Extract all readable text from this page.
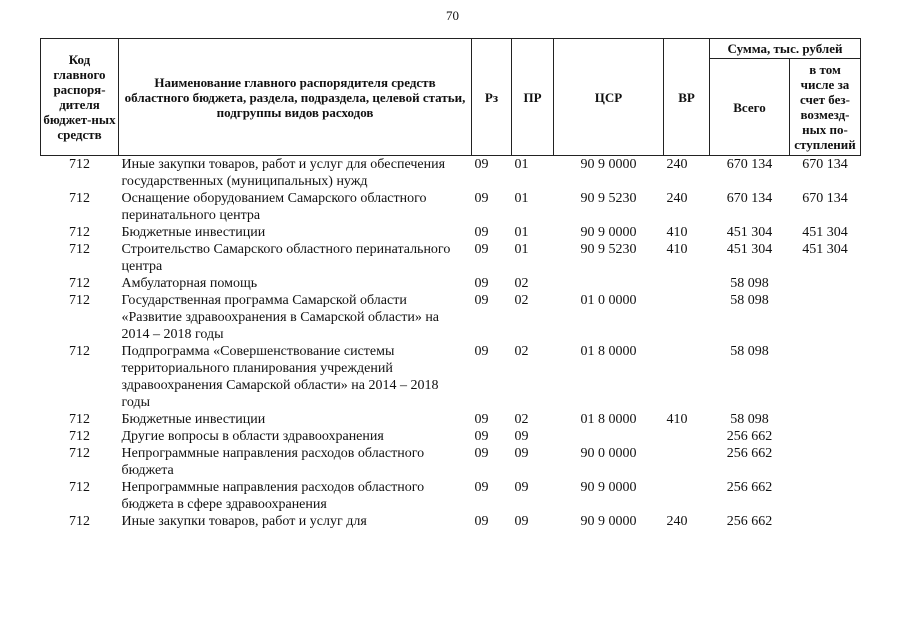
70
Код главного распоря-дителя бюджет-ных средств	Наименование главного распорядителя средств областного бюджета, раздела, подраздела, целевой статьи, подгруппы видов расходов	Рз	ПР	ЦСР	ВР	Сумма, тыс. рублей	
						Всего	в том числе за счет без-возмезд-ных по-ступлений
712	Иные закупки товаров, работ и услуг для обеспечения государственных (муниципальных) нужд	09	01	90 9 0000	240	670 134	670 134
712	Оснащение оборудованием Самарского областного перинатального центра	09	01	90 9 5230	240	670 134	670 134
712	Бюджетные инвестиции	09	01	90 9 0000	410	451 304	451 304
712	Строительство Самарского областного перинатального центра	09	01	90 9 5230	410	451 304	451 304
712	Амбулаторная помощь	09	02			58 098	
712	Государственная программа Самарской области «Развитие здравоохранения в Самарской области» на 2014 – 2018 годы	09	02	01 0 0000		58 098	
712	Подпрограмма «Совершенствование системы территориального планирования учреждений здравоохранения Самарской области» на 2014 – 2018 годы	09	02	01 8 0000		58 098	
712	Бюджетные инвестиции	09	02	01 8 0000	410	58 098	
712	Другие вопросы в области здравоохранения	09	09			256 662	
712	Непрограммные направления расходов областного бюджета	09	09	90 0 0000		256 662	
712	Непрограммные направления расходов областного бюджета в сфере здравоохранения	09	09	90 9 0000		256 662	
712	Иные закупки товаров, работ и услуг для	09	09	90 9 0000	240	256 662	
